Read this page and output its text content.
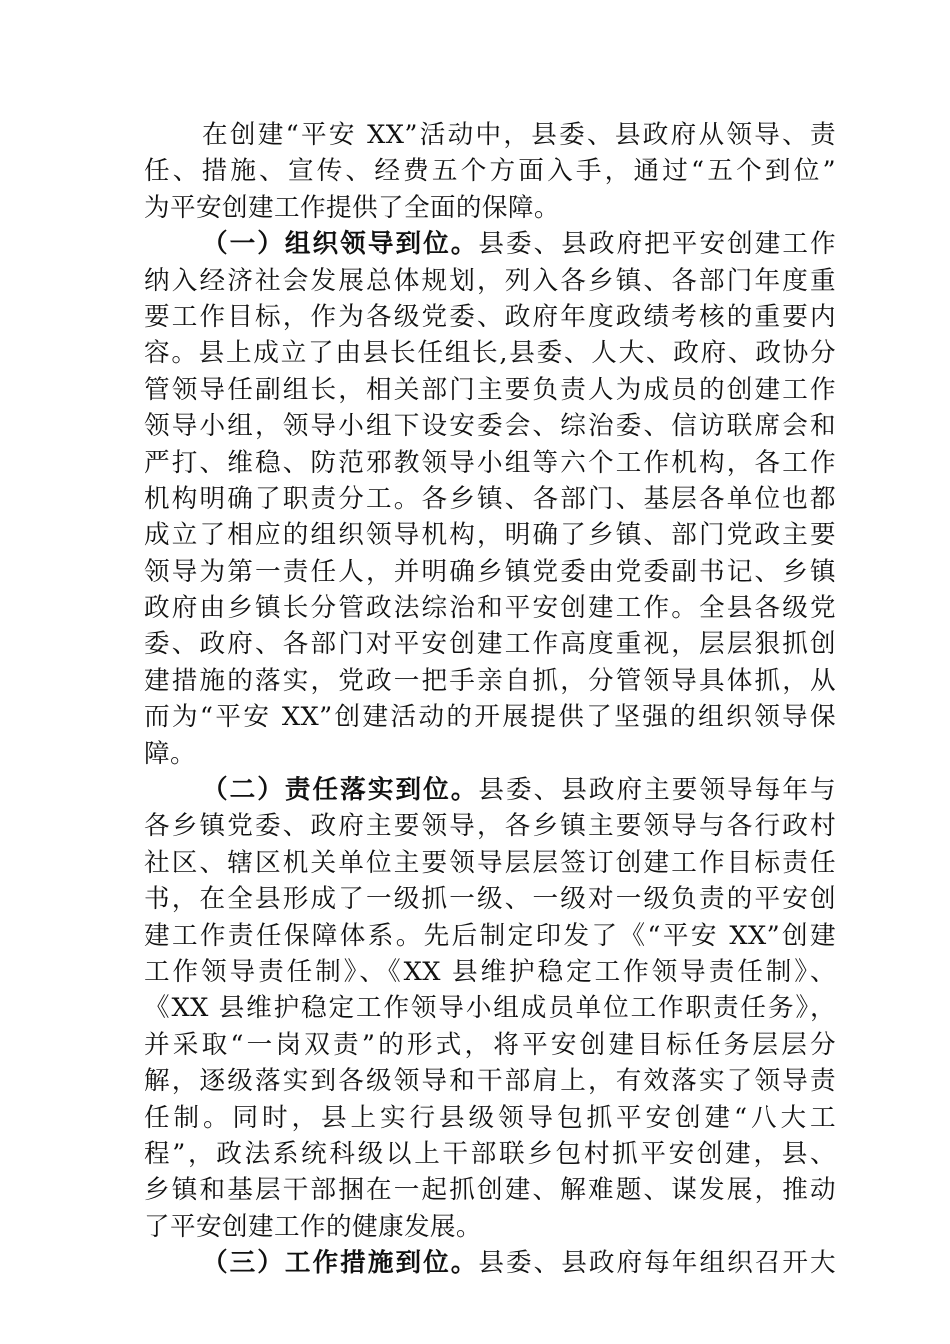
在创建“平安 XX”活动中，县委、县政府从领导、责
任、措施、宣传、经费五个方面入手，通过“五个到位”
为平安创建工作提供了全面的保障。
（一）组织领导到位。县委、县政府把平安创建工作
纳入经济社会发展总体规划，列入各乡镇、各部门年度重
要工作目标，作为各级党委、政府年度政绩考核的重要内
容。县上成立了由县长任组长,县委、人大、政府、政协分
管领导任副组长，相关部门主要负责人为成员的创建工作
领导小组，领导小组下设安委会、综治委、信访联席会和
严打、维稳、防范邪教领导小组等六个工作机构，各工作
机构明确了职责分工。各乡镇、各部门、基层各单位也都
成立了相应的组织领导机构，明确了乡镇、部门党政主要
领导为第一责任人，并明确乡镇党委由党委副书记、乡镇
政府由乡镇长分管政法综治和平安创建工作。全县各级党
委、政府、各部门对平安创建工作高度重视，层层狠抓创
建措施的落实，党政一把手亲自抓，分管领导具体抓，从
而为“平安 XX”创建活动的开展提供了坚强的组织领导保
障。
（二）责任落实到位。县委、县政府主要领导每年与
各乡镇党委、政府主要领导，各乡镇主要领导与各行政村
社区、辖区机关单位主要领导层层签订创建工作目标责任
书，在全县形成了一级抓一级、一级对一级负责的平安创
建工作责任保障体系。先后制定印发了《“平安 XX”创建
工作领导责任制》、《XX 县维护稳定工作领导责任制》、
《XX 县维护稳定工作领导小组成员单位工作职责任务》，
并采取“一岗双责”的形式，将平安创建目标任务层层分
解，逐级落实到各级领导和干部肩上，有效落实了领导责
任制。同时，县上实行县级领导包抓平安创建“八大工
程”，政法系统科级以上干部联乡包村抓平安创建，县、
乡镇和基层干部捆在一起抓创建、解难题、谋发展，推动
了平安创建工作的健康发展。
（三）工作措施到位。县委、县政府每年组织召开大
